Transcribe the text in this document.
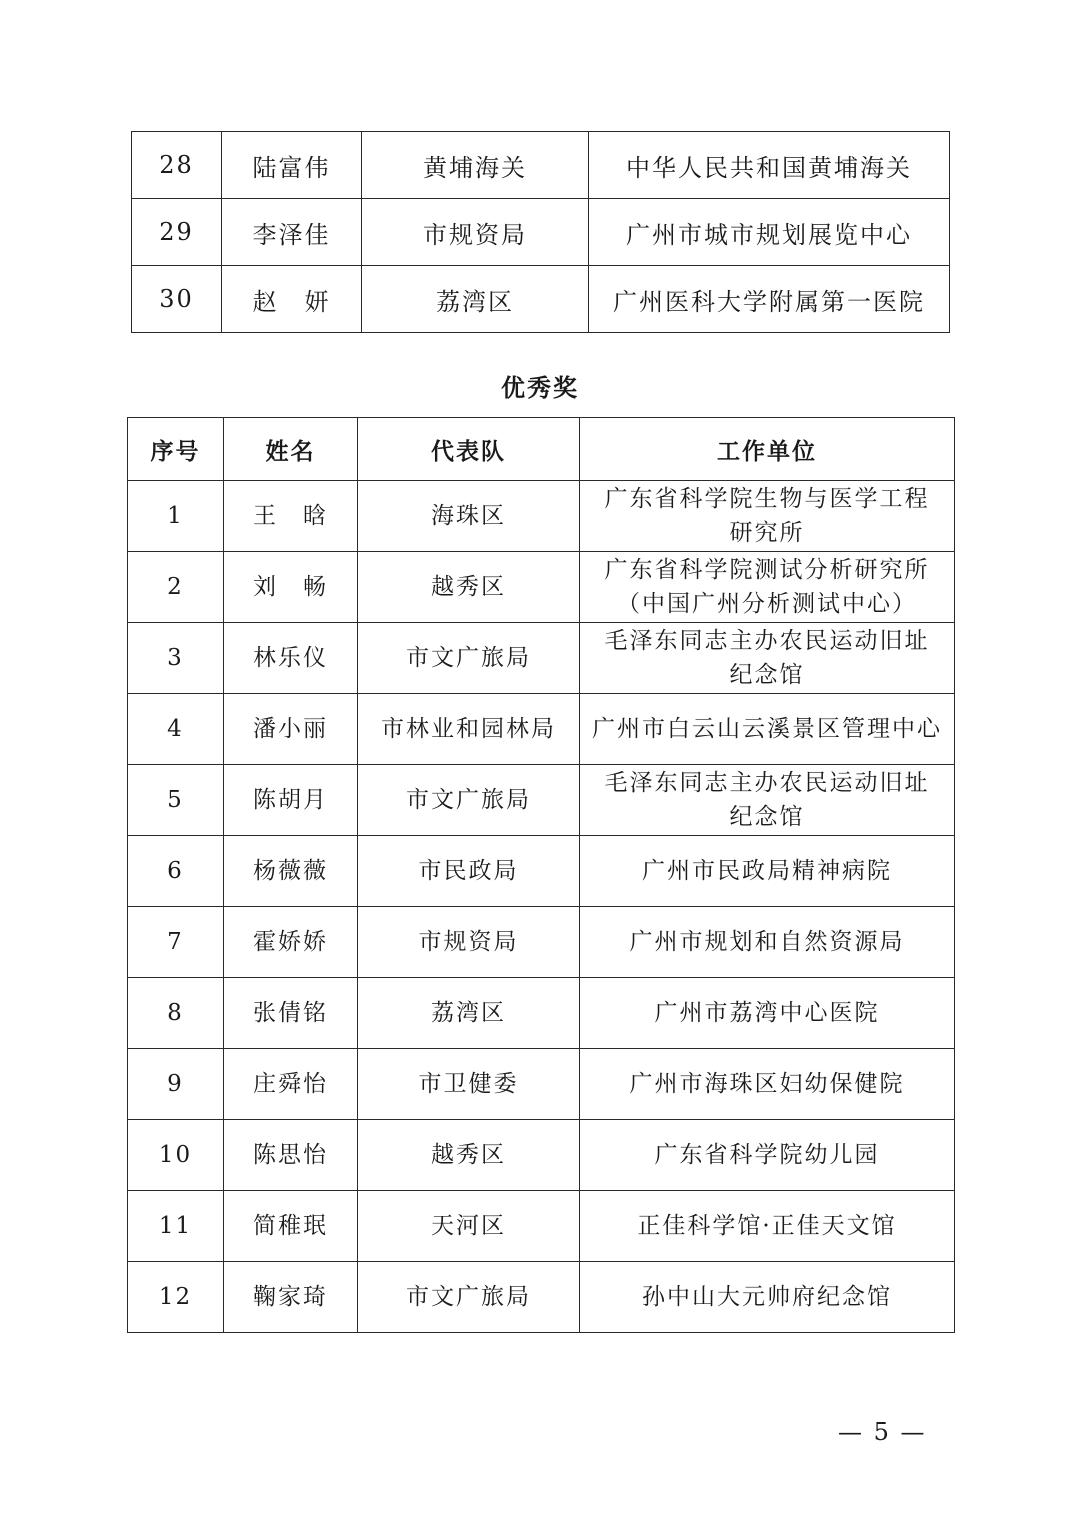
28	陆富伟	黄埔海关	中华人民共和国黄埔海关
29	李泽佳	市规资局	广州市城市规划展览中心
30	赵　妍	荔湾区	广州医科大学附属第一医院
优秀奖
序号	姓名	代表队	工作单位
1	王　晗	海珠区	广东省科学院生物与医学工程
研究所
2	刘　畅	越秀区	广东省科学院测试分析研究所
（中国广州分析测试中心）
3	林乐仪	市文广旅局	毛泽东同志主办农民运动旧址
纪念馆
4	潘小丽	市林业和园林局	广州市白云山云溪景区管理中心
5	陈胡月	市文广旅局	毛泽东同志主办农民运动旧址
纪念馆
6	杨薇薇	市民政局	广州市民政局精神病院
7	霍娇娇	市规资局	广州市规划和自然资源局
8	张倩铭	荔湾区	广州市荔湾中心医院
9	庄舜怡	市卫健委	广州市海珠区妇幼保健院
10	陈思怡	越秀区	广东省科学院幼儿园
11	简稚珉	天河区	正佳科学馆·正佳天文馆
12	鞠家琦	市文广旅局	孙中山大元帅府纪念馆
— 5 —
